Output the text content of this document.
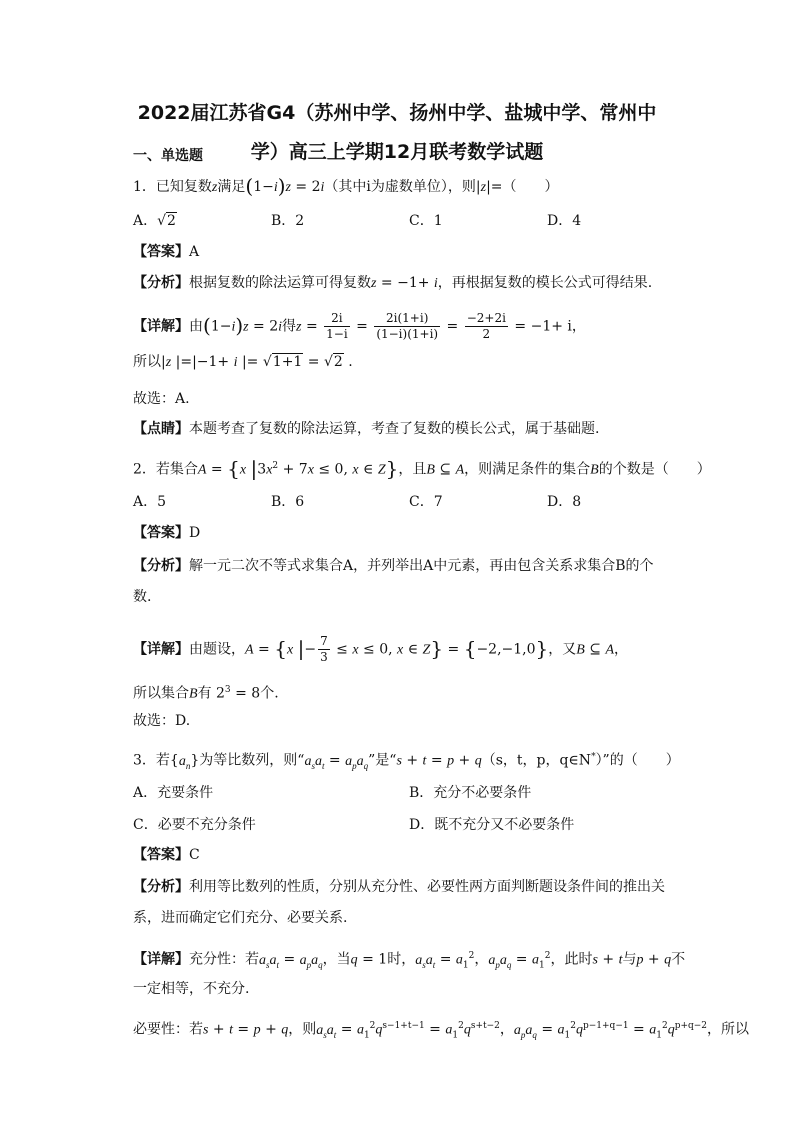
2022届江苏省G4（苏州中学、扬州中学、盐城中学、常州中
学）高三上学期12月联考数学试题
一、单选题
1．已知复数z满足(1−i)z = 2i（其中i为虚数单位），则|z|=（　　）
A．√2	B．2	C．1	D．4
【答案】A
【分析】根据复数的除法运算可得复数z = −1+ i，再根据复数的模长公式可得结果.
【详解】由(1−i)z = 2i得$z = \frac{2i}{1-i} = \frac{2i(1+i)}{(1-i)(1+i)} = \frac{-2+2i}{2} = -1+ i$，
所以|z |=|−1+ i |= √1+1 = √2 .
故选：A.
【点睛】本题考查了复数的除法运算，考查了复数的模长公式，属于基础题.
2．若集合A = {x $|3x^2 + 7x \le 0$, x ∈ Z}，且B ⊆ A，则满足条件的集合B的个数是（　　）
A．5	B．6	C．7	D．8
【答案】D
【分析】解一元二次不等式求集合A，并列举出A中元素，再由包含关系求集合B的个
数.
【详解】由题设，A = {x |− $\frac{7}{3} \le x \le 0$, x ∈ Z} = {−2,−1,0}，又B ⊆ A，
所以集合B有 $2^3 = 8$个.
故选：D.
3．若$\{a_n\}$为等比数列，则“$a_sa_t = a_pa_q$”是“s + t = p + q（s，t，p，q∈N*）”的（　　）
A．充要条件	B．充分不必要条件
C．必要不充分条件	D．既不充分又不必要条件
【答案】C
【分析】利用等比数列的性质，分别从充分性、必要性两方面判断题设条件间的推出关
系，进而确定它们充分、必要关系.
【详解】充分性：若$a_sa_t = a_pa_q$，当q = 1时，$a_sa_t = a_1^2$，$a_pa_q = a_1^2$，此时s + t与p + q不
一定相等，不充分.
必要性：若s + t = p + q，则$a_sa_t = a_1^2q^{s-1+t-1} = a_1^2q^{s+t-2}$，$a_pa_q = a_1^2q^{p-1+q-1} = a_1^2q^{p+q-2}$，所以
